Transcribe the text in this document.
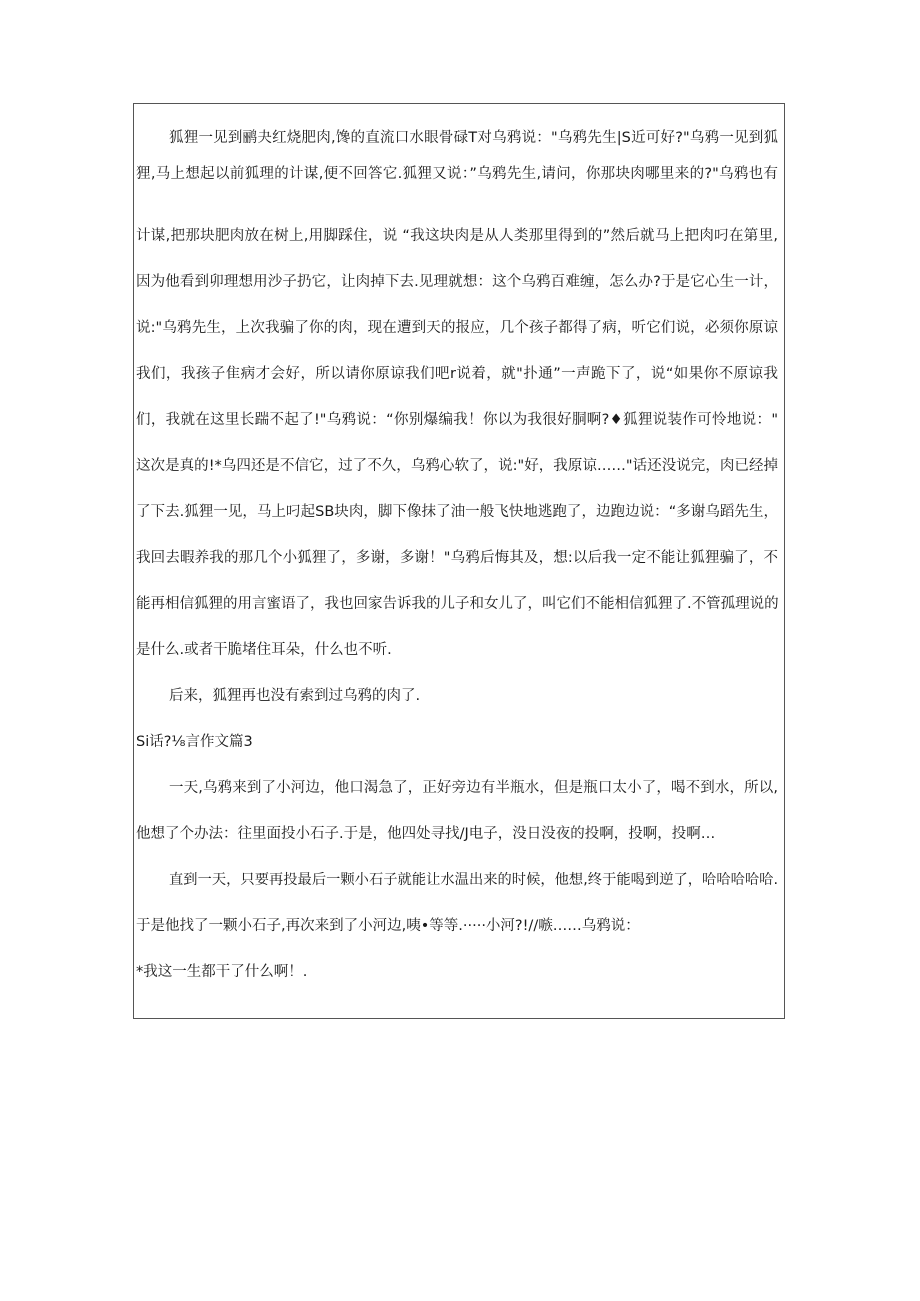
狐狸一见到鹂夬红烧肥肉,馋的直流口水眼骨碌T对乌鸦说："乌鸦先生|S近可好?"乌鸦一见到狐
狸,马上想起以前狐理的计谋,便不回答它.狐狸又说：”乌鸦先生,请问，你那块肉哪里来的?"乌鸦也有
计谋,把那块肥肉放在树上,用脚踩住，说 “我这块肉是从人类那里得到的”然后就马上把肉叼在第里,
因为他看到卯理想用沙子扔它，让肉掉下去.见理就想：这个乌鸦百难缠，怎么办?于是它心生一计，
说:"乌鸦先生，上次我骗了你的肉，现在遭到天的报应，几个孩子都得了病，听它们说，必须你原谅
我们，我孩子隹病才会好，所以请你原谅我们吧r说着，就"扑通”一声跪下了，说“如果你不原谅我
们，我就在这里长踹不起了!"乌鸦说：“你别爆编我！你以为我很好胴啊?♦狐狸说装作可怜地说："
这次是真的!*乌四还是不信它，过了不久，乌鸦心软了，说:"好，我原谅……"话还没说完，肉已经掉
了下去.狐狸一见，马上叼起SB块肉，脚下像抹了油一般飞快地逃跑了，边跑边说：“多谢乌蹈先生，
我回去暇养我的那几个小狐狸了，多谢，多谢！"乌鸦后悔其及，想:以后我一定不能让狐狸骗了，不
能再相信狐狸的用言蜜语了，我也回家告诉我的儿子和女儿了，叫它们不能相信狐狸了.不管孤理说的
是什么.或者干脆堵住耳朵，什么也不听.
后来，狐狸再也没有索到过乌鸦的肉了.
Si话?⅛言作文篇3
一天,乌鸦来到了小河边，他口渴急了，正好旁边有半瓶水，但是瓶口太小了，喝不到水，所以,
他想了个办法：往里面投小石子.于是，他四处寻找/J电子，没日没夜的投啊，投啊，投啊…
直到一天，只要再投最后一颗小石子就能让水温出来的时候，他想,终于能喝到逆了，哈哈哈哈哈.
于是他找了一颗小石子,再次来到了小河边,咦•等等.·····小河?!//嗾……乌鸦说：
*我这一生都干了什么啊！.
